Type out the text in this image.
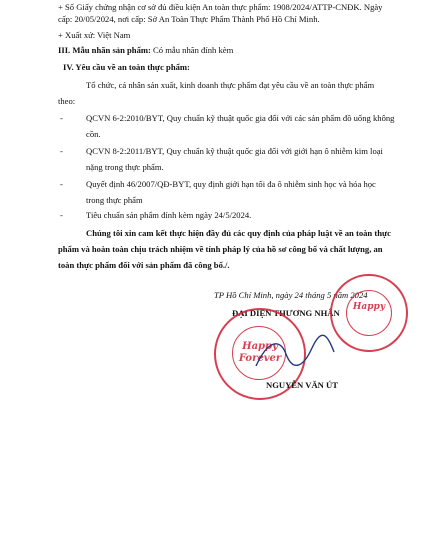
+ Số Giấy chứng nhận cơ sở đủ điều kiện An toàn thực phẩm: 1908/2024/ATTP-CNĐK. Ngày
cấp: 20/05/2024, nơi cấp: Sở An Toàn Thực Phẩm Thành Phố Hồ Chí Minh.
+ Xuất xứ: Việt Nam
III. Mẫu nhãn sản phẩm: Có mẫu nhãn đính kèm
IV. Yêu cầu về an toàn thực phẩm:
Tổ chức, cá nhân sản xuất, kinh doanh thực phẩm đạt yêu cầu về an toàn thực phẩm
theo:
-	QCVN 6-2:2010/BYT, Quy chuẩn kỹ thuật quốc gia đối với các sản phẩm đồ uống không
cồn.
-	QCVN 8-2:2011/BYT, Quy chuẩn kỹ thuật quốc gia đối với giới hạn ô nhiễm kim loại
nặng trong thực phẩm.
-	Quyết định 46/2007/QĐ-BYT, quy định giới hạn tối đa ô nhiễm sinh học và hóa học
trong thực phẩm
-	Tiêu chuẩn sản phẩm đính kèm ngày 24/5/2024.
Chúng tôi xin cam kết thực hiện đầy đủ các quy định của pháp luật về an toàn thực
phẩm và hoàn toàn chịu trách nhiệm về tính pháp lý của hồ sơ công bố và chất lượng, an
toàn thực phẩm đối với sản phẩm đã công bố./.
TP Hồ Chí Minh, ngày 24 tháng 5 năm 2024
ĐẠI DIỆN THƯƠNG NHÂN
Happy
Happy
Forever
NGUYỄN VĂN ÚT
